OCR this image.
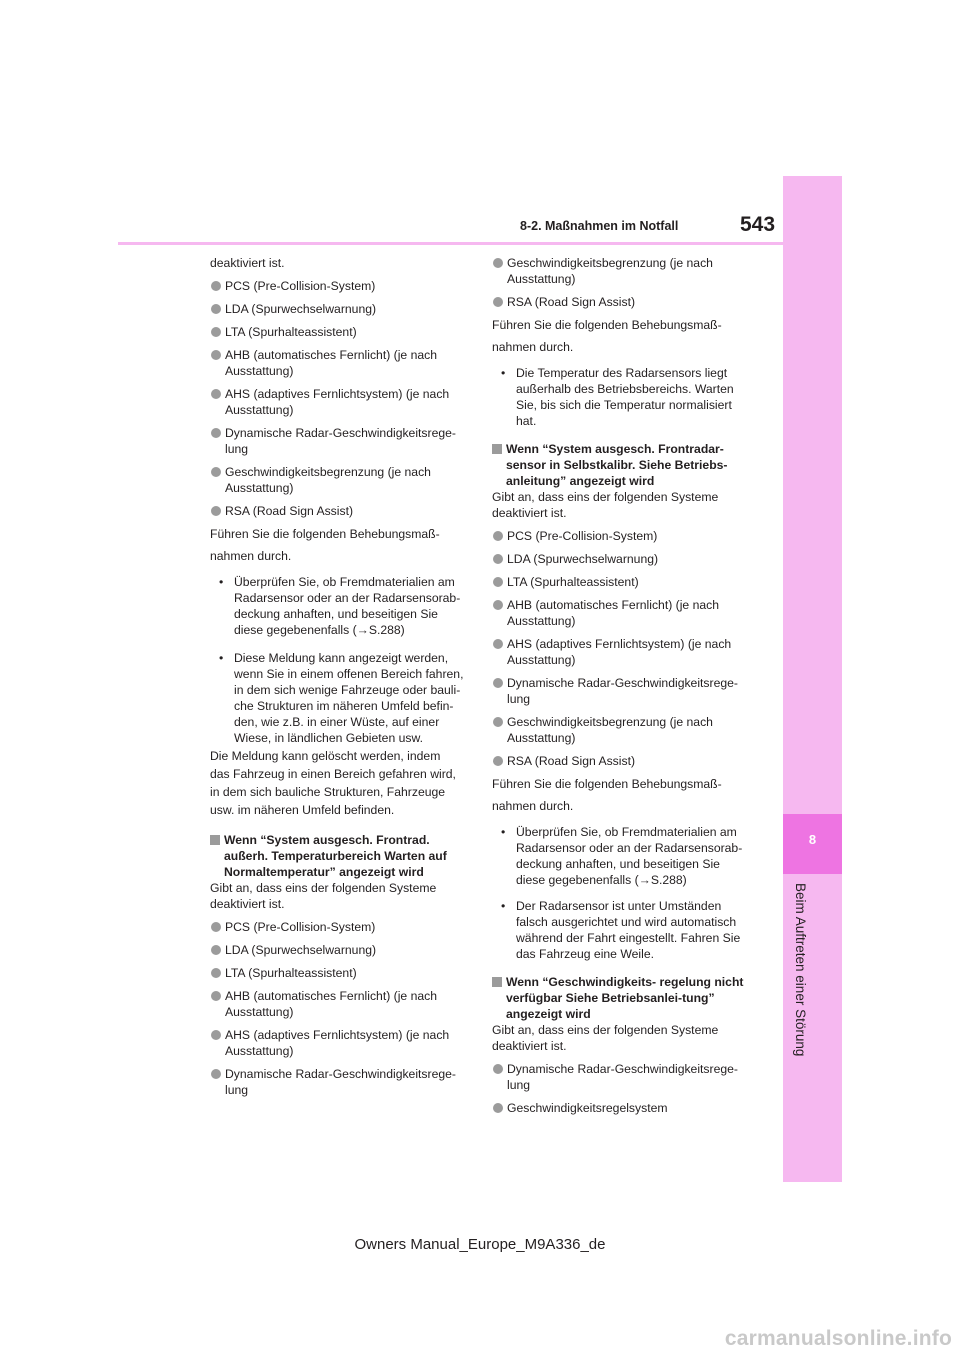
8
Beim Auftreten einer Störung
8-2. Maßnahmen im Notfall	543
deaktiviert ist.
PCS (Pre-Collision-System)
LDA (Spurwechselwarnung)
LTA (Spurhalteassistent)
AHB (automatisches Fernlicht) (je nach Ausstattung)
AHS (adaptives Fernlichtsystem) (je nach Ausstattung)
Dynamische Radar-Geschwindigkeitsrege-lung
Geschwindigkeitsbegrenzung (je nach Ausstattung)
RSA (Road Sign Assist)
Führen Sie die folgenden Behebungsmaß-
nahmen durch.
• Überprüfen Sie, ob Fremdmaterialien am Radarsensor oder an der Radarsensorab-deckung anhaften, und beseitigen Sie diese gegebenenfalls (→S.288)
• Diese Meldung kann angezeigt werden, wenn Sie in einem offenen Bereich fahren, in dem sich wenige Fahrzeuge oder bauli-che Strukturen im näheren Umfeld befin-den, wie z.B. in einer Wüste, auf einer Wiese, in ländlichen Gebieten usw.
Die Meldung kann gelöscht werden, indem
das Fahrzeug in einen Bereich gefahren wird,
in dem sich bauliche Strukturen, Fahrzeuge
usw. im näheren Umfeld befinden.
Wenn “System ausgesch. Frontrad. außerh. Temperaturbereich Warten auf Normaltemperatur” angezeigt wird
Gibt an, dass eins der folgenden Systeme deaktiviert ist.
PCS (Pre-Collision-System)
LDA (Spurwechselwarnung)
LTA (Spurhalteassistent)
AHB (automatisches Fernlicht) (je nach Ausstattung)
AHS (adaptives Fernlichtsystem) (je nach Ausstattung)
Dynamische Radar-Geschwindigkeitsrege-lung
Geschwindigkeitsbegrenzung (je nach Ausstattung)
RSA (Road Sign Assist)
Führen Sie die folgenden Behebungsmaß-
nahmen durch.
• Die Temperatur des Radarsensors liegt außerhalb des Betriebsbereichs. Warten Sie, bis sich die Temperatur normalisiert hat.
Wenn “System ausgesch. Frontradar-sensor in Selbstkalibr. Siehe Betriebs-anleitung” angezeigt wird
Gibt an, dass eins der folgenden Systeme deaktiviert ist.
PCS (Pre-Collision-System)
LDA (Spurwechselwarnung)
LTA (Spurhalteassistent)
AHB (automatisches Fernlicht) (je nach Ausstattung)
AHS (adaptives Fernlichtsystem) (je nach Ausstattung)
Dynamische Radar-Geschwindigkeitsrege-lung
Geschwindigkeitsbegrenzung (je nach Ausstattung)
RSA (Road Sign Assist)
Führen Sie die folgenden Behebungsmaß-
nahmen durch.
• Überprüfen Sie, ob Fremdmaterialien am Radarsensor oder an der Radarsensorab-deckung anhaften, und beseitigen Sie diese gegebenenfalls (→S.288)
• Der Radarsensor ist unter Umständen falsch ausgerichtet und wird automatisch während der Fahrt eingestellt. Fahren Sie das Fahrzeug eine Weile.
Wenn “Geschwindigkeits- regelung nicht verfügbar Siehe Betriebsanlei-tung” angezeigt wird
Gibt an, dass eins der folgenden Systeme deaktiviert ist.
Dynamische Radar-Geschwindigkeitsrege-lung
Geschwindigkeitsregelsystem
Owners Manual_Europe_M9A336_de
carmanualsonline.info
